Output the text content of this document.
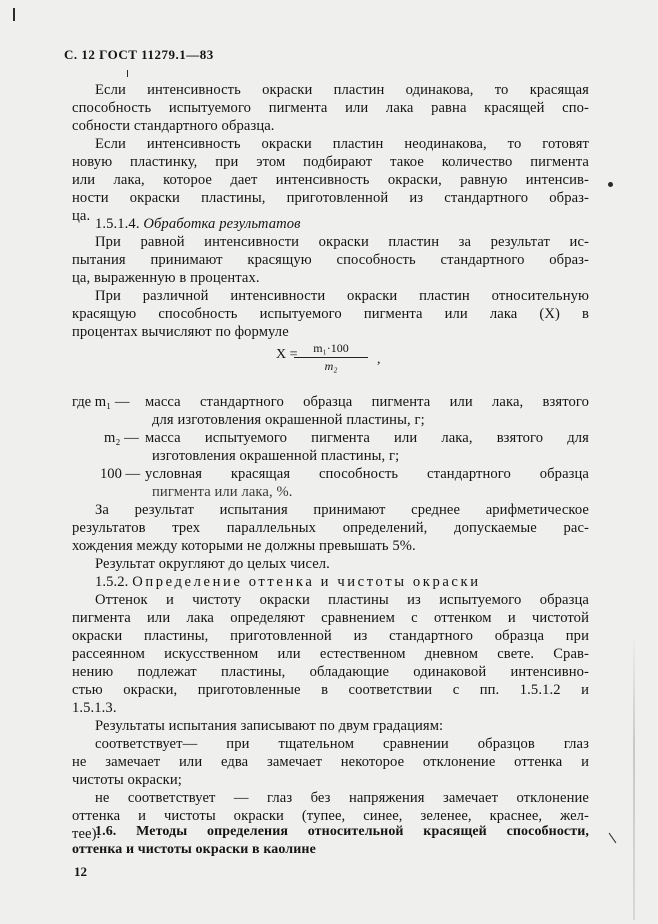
С. 12 ГОСТ 11279.1—83

Если интенсивность окраски пластин одинакова, то красящая

способность испытуемого пигмента или лака равна красящей спо-

собности стандартного образца.

Если интенсивность окраски пластин неодинакова, то готовят

новую пластинку, при этом подбирают такое количество пигмента

или лака, которое дает интенсивность окраски, равную интенсив-

ности окраски пластины, приготовленной из стандартного образ-

ца. 1.5.1.4. Обработка результатов

При равной интенсивности окраски пластин за результат ис-

пытания принимают красящую способность стандартного образ-

ца, выраженную в процентах.

При различной интенсивности окраски пластин относительную

красящую способность испытуемого пигмента или лака (X) в

процентах вычисляют по формуле

X =	m₁·100
m₂	,
где m₁ — масса стандартного образца пигмента или лака, взятого

для изготовления окрашенной пластины, г;

m₂ — масса испытуемого пигмента или лака, взятого для

изготовления окрашенной пластины, г;

100 — условная красящая способность стандартного образца

пигмента или лака, %.

За результат испытания принимают среднее арифметическое

результатов трех параллельных определений, допускаемые рас-

хождения между которыми не должны превышать 5%.

Результат округляют до целых чисел.

1.5.2. Определение оттенка и чистоты окраски

Оттенок и чистоту окраски пластины из испытуемого образца

пигмента или лака определяют сравнением с оттенком и чистотой

окраски пластины, приготовленной из стандартного образца при

рассеянном искусственном или естественном дневном свете. Срав-

нению подлежат пластины, обладающие одинаковой интенсивно-

стью окраски, приготовленные в соответствии с пп. 1.5.1.2 и

1.5.1.3.

Результаты испытания записывают по двум градациям:

соответствует— при тщательном сравнении образцов глаз

не замечает или едва замечает некоторое отклонение оттенка и

чистоты окраски;

не соответствует — глаз без напряжения замечает отклонение

оттенка и чистоты окраски (тупее, синее, зеленее, краснее, жел-

тее).

1.6. Методы определения относительной красящей способности,

оттенка и чистоты окраски в каолине

12
